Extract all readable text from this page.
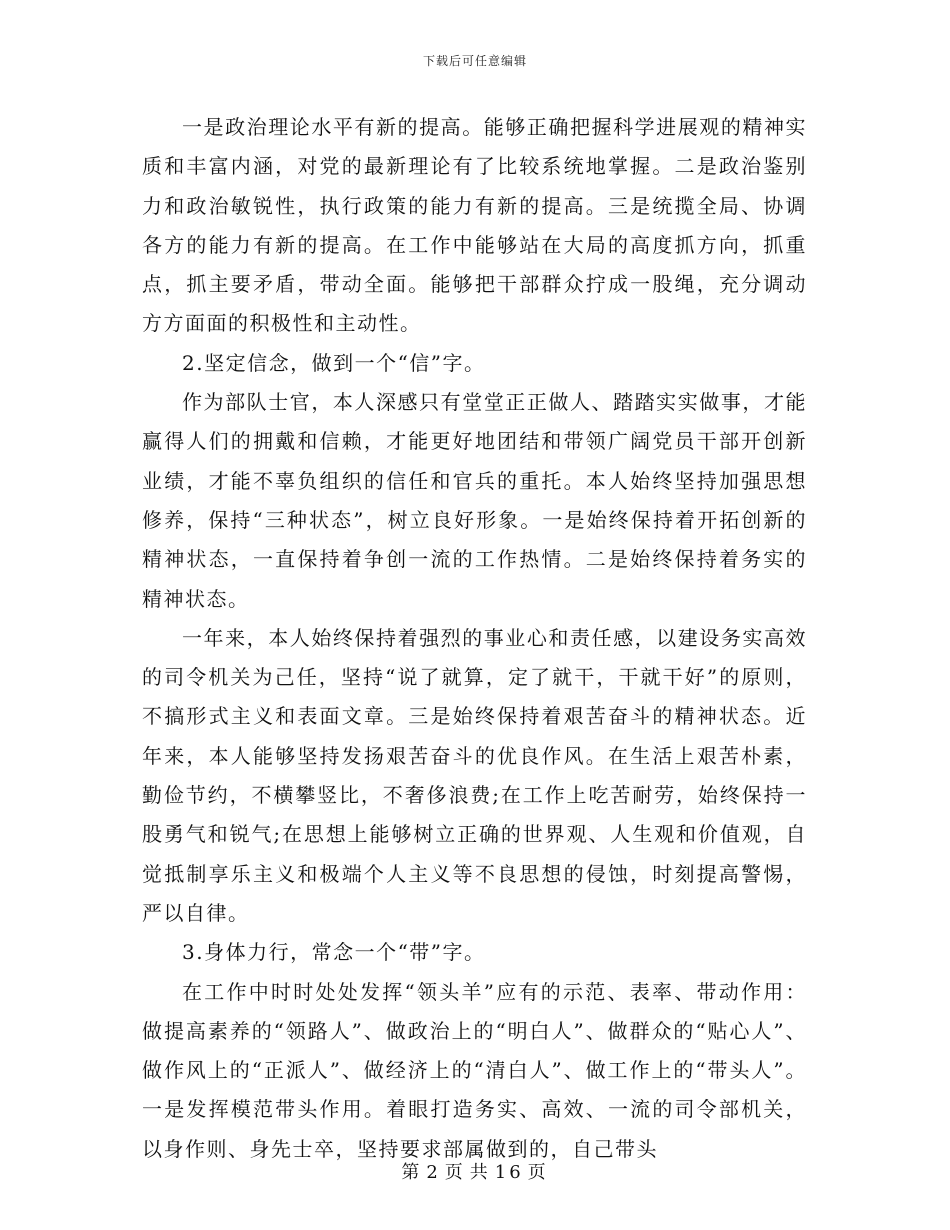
下载后可任意编辑

一是政治理论水平有新的提高。能够正确把握科学进展观的精神实质和丰富内涵，对党的最新理论有了比较系统地掌握。二是政治鉴别力和政治敏锐性，执行政策的能力有新的提高。三是统揽全局、协调各方的能力有新的提高。在工作中能够站在大局的高度抓方向，抓重点，抓主要矛盾，带动全面。能够把干部群众拧成一股绳，充分调动方方面面的积极性和主动性。

2.坚定信念，做到一个“信”字。

作为部队士官，本人深感只有堂堂正正做人、踏踏实实做事，才能赢得人们的拥戴和信赖，才能更好地团结和带领广阔党员干部开创新业绩，才能不辜负组织的信任和官兵的重托。本人始终坚持加强思想修养，保持“三种状态”，树立良好形象。一是始终保持着开拓创新的精神状态，一直保持着争创一流的工作热情。二是始终保持着务实的精神状态。

一年来，本人始终保持着强烈的事业心和责任感，以建设务实高效的司令机关为己任，坚持“说了就算，定了就干，干就干好”的原则，不搞形式主义和表面文章。三是始终保持着艰苦奋斗的精神状态。近年来，本人能够坚持发扬艰苦奋斗的优良作风。在生活上艰苦朴素，勤俭节约，不横攀竖比，不奢侈浪费;在工作上吃苦耐劳，始终保持一股勇气和锐气;在思想上能够树立正确的世界观、人生观和价值观，自觉抵制享乐主义和极端个人主义等不良思想的侵蚀，时刻提高警惕，严以自律。

3.身体力行，常念一个“带”字。

在工作中时时处处发挥“领头羊”应有的示范、表率、带动作用：做提高素养的“领路人”、做政治上的“明白人”、做群众的“贴心人”、做作风上的“正派人”、做经济上的“清白人”、做工作上的“带头人”。一是发挥模范带头作用。着眼打造务实、高效、一流的司令部机关，以身作则、身先士卒，坚持要求部属做到的，自己带头

第 2 页 共 16 页
